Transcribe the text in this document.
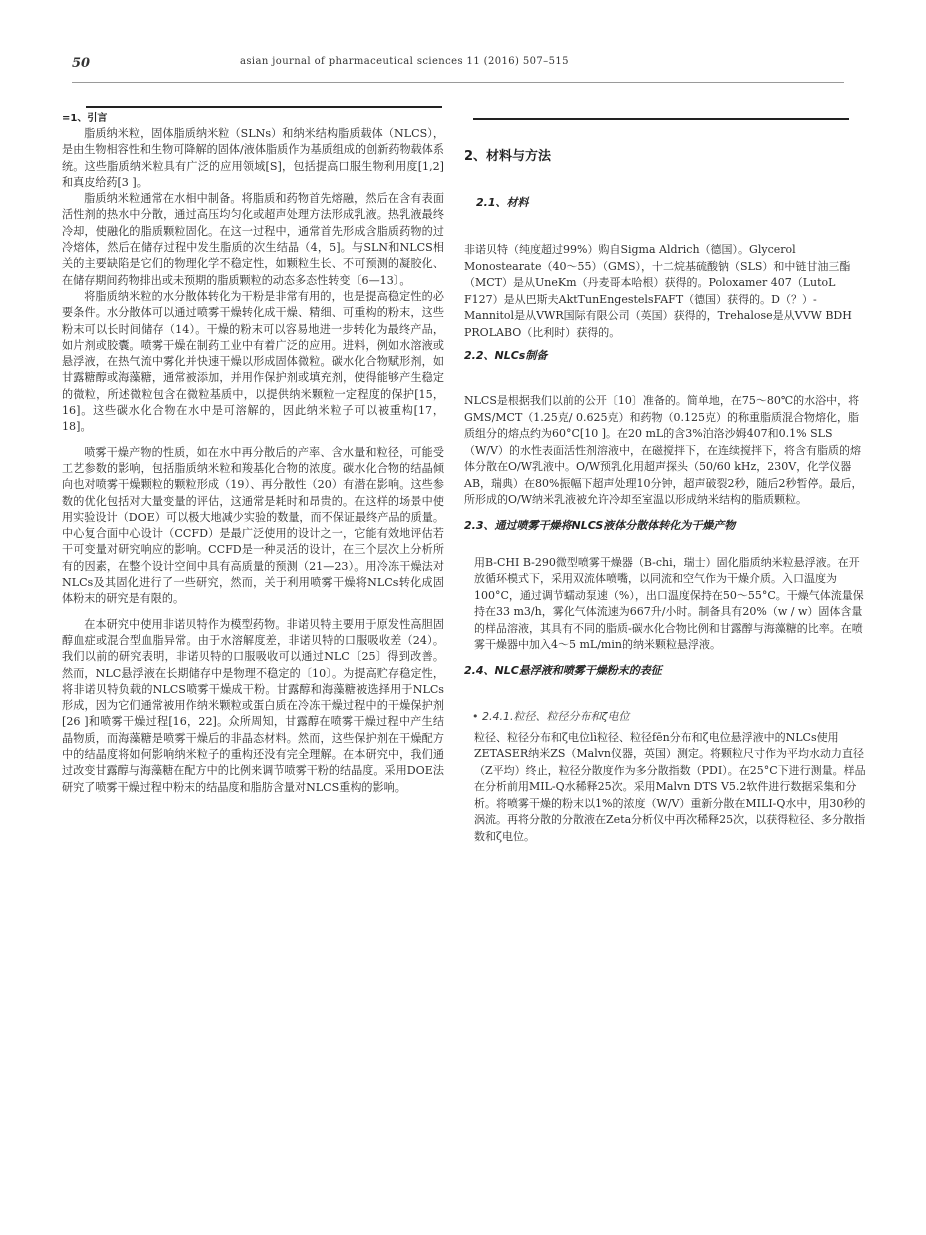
50	asian journal of pharmaceutical sciences 11 (2016) 507–515
=1、引言

脂质纳米粒，固体脂质纳米粒（SLNs）和纳米结构脂质载体（NLCS），是由生物相容性和生物可降解的固体/液体脂质作为基质组成的创新药物载体系统。这些脂质纳米粒具有广泛的应用领域[S]，包括提高口服生物利用度[1,2]和真皮给药[3 ]。

脂质纳米粒通常在水相中制备。将脂质和药物首先熔融，然后在含有表面活性剂的热水中分散，通过高压均匀化或超声处理方法形成乳液。热乳液最终冷却，使融化的脂质颗粒固化。在这一过程中，通常首先形成含脂质药物的过冷熔体，然后在储存过程中发生脂质的次生结晶（4，5]。与SLN和NLCS相关的主要缺陷是它们的物理化学不稳定性，如颗粒生长、不可预测的凝胶化、在储存期间药物排出或未预期的脂质颗粒的动态多态性转变〔6—13〕。

将脂质纳米粒的水分散体转化为干粉是非常有用的，也是提高稳定性的必要条件。水分散体可以通过喷雾干燥转化成干燥、精细、可重构的粉末，这些粉末可以长时间储存（14）。干燥的粉末可以容易地进一步转化为最终产品，如片剂或胶囊。喷雾干燥在制药工业中有着广泛的应用。进料，例如水溶液或悬浮液，在热气流中雾化并快速干燥以形成固体微粒。碳水化合物赋形剂，如甘露糖醇或海藻糖，通常被添加，并用作保护剂或填充剂，使得能够产生稳定的微粒，所述微粒包含在微粒基质中，以提供纳米颗粒一定程度的保护[15，16]。这些碳水化合物在水中是可溶解的，因此纳米粒子可以被重构[17，18]。

喷雾干燥产物的性质，如在水中再分散后的产率、含水量和粒径，可能受工艺参数的影响，包括脂质纳米粒和羧基化合物的浓度。碳水化合物的结晶倾向也对喷雾干燥颗粒的颗粒形成（19）、再分散性（20）有潜在影响。这些参数的优化包括对大量变量的评估，这通常是耗时和昂贵的。在这样的场景中使用实验设计（DOE）可以极大地减少实验的数量，而不保证最终产品的质量。中心复合面中心设计（CCFD）是最广泛使用的设计之一，它能有效地评估若干可变量对研究响应的影响。CCFD是一种灵活的设计，在三个层次上分析所有的因素，在整个设计空间中具有高质量的预测（21—23）。用冷冻干燥法对NLCs及其固化进行了一些研究，然而，关于利用喷雾干燥将NLCs转化成固体粉末的研究是有限的。

在本研究中使用非诺贝特作为模型药物。非诺贝特主要用于原发性高胆固醇血症或混合型血脂异常。由于水溶解度差，非诺贝特的口服吸收差（24）。我们以前的研究表明，非诺贝特的口服吸收可以通过NLC〔25〕得到改善。然而，NLC悬浮液在长期储存中是物理不稳定的〔10〕。为提高贮存稳定性，将非诺贝特负载的NLCS喷雾干燥成干粉。甘露醇和海藻糖被选择用于NLCs形成，因为它们通常被用作纳米颗粒或蛋白质在冷冻干燥过程中的干燥保护剂[26 ]和喷雾干燥过程[16，22]。众所周知，甘露醇在喷雾干燥过程中产生结晶物质，而海藻糖是喷雾干燥后的非晶态材料。然而，这些保护剂在干燥配方中的结晶度将如何影响纳米粒子的重构还没有完全理解。在本研究中，我们通过改变甘露醇与海藻糖在配方中的比例来调节喷雾干粉的结晶度。采用DOE法研究了喷雾干燥过程中粉末的结晶度和脂肪含量对NLCS重构的影响。

2、材料与方法
2.1、材料

非诺贝特（纯度超过99%）购自Sigma Aldrich（德国）。Glycerol Monostearate（40～55）（GMS），十二烷基硫酸钠（SLS）和中链甘油三酯（MCT）是从UneKm（丹麦哥本哈根）获得的。Poloxamer 407（LutoL F127）是从巴斯夫AktTunEngestelsFAFT（德国）获得的。D（？）- Mannitol是从VWR国际有限公司（英国）获得的，Trehalose是从VVW BDH PROLABO（比利时）获得的。

2.2、NLCs制备

NLCS是根据我们以前的公开〔10〕准备的。简单地，在75～80℃的水浴中，将GMS/MCT（1.25克/ 0.625克）和药物（0.125克）的称重脂质混合物熔化，脂质组分的熔点约为60°C[10 ]。在20 mL的含3%泊洛沙姆407和0.1% SLS（W/V）的水性表面活性剂溶液中，在磁搅拌下，在连续搅拌下，将含有脂质的熔体分散在O/W乳液中。O/W预乳化用超声探头（50/60 kHz，230V，化学仪器AB，瑞典）在80%振幅下超声处理10分钟，超声破裂2秒，随后2秒暂停。最后，所形成的O/W纳米乳液被允许冷却至室温以形成纳米结构的脂质颗粒。

2.3、通过喷雾干燥将NLCS液体分散体转化为干燥产物

用B-CHI B-290微型喷雾干燥器（B-chi，瑞士）固化脂质纳米粒悬浮液。在开放循环模式下，采用双流体喷嘴，以同流和空气作为干燥介质。入口温度为100°C，通过调节蠕动泵速（%），出口温度保持在50～55°C。干燥气体流量保持在33 m3/h，雾化气体流速为667升/小时。制备具有20%（w / w）固体含量的样品溶液，其具有不同的脂质-碳水化合物比例和甘露醇与海藻糖的比率。在喷雾干燥器中加入4～5 mL/min的纳米颗粒悬浮液。

2.4、NLC悬浮液和喷雾干燥粉末的表征
• 2.4.1.粒径、粒径分布和ζ电位

粒径、粒径分布和ζ电位lì粒径、粒径fēn分布和ζ电位悬浮液中的NLCs使用ZETASER纳米ZS（Malvn仪器，英国）测定。将颗粒尺寸作为平均水动力直径（Z平均）终止，粒径分散度作为多分散指数（PDI）。在25°C下进行测量。样品在分析前用MIL-Q水稀释25次。采用Malvn DTS V5.2软件进行数据采集和分析。将喷雾干燥的粉末以1%的浓度（W/V）重新分散在MILI-Q水中，用30秒的涡流。再将分散的分散液在Zeta分析仪中再次稀释25次，以获得粒径、多分散指数和ζ电位。
